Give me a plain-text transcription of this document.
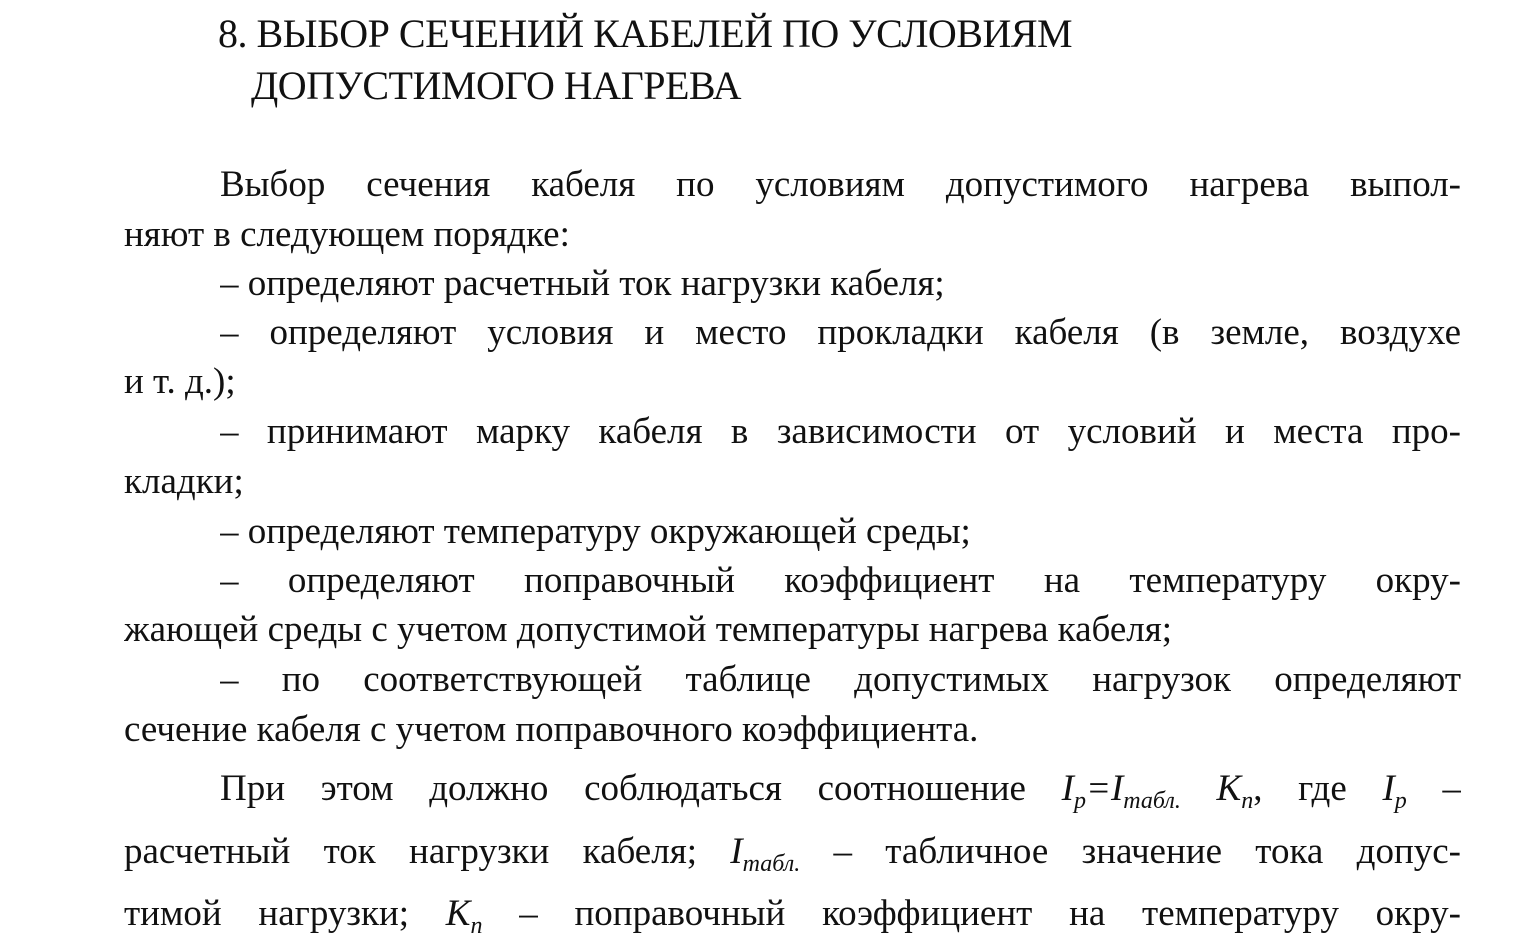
8. ВЫБОР СЕЧЕНИЙ КАБЕЛЕЙ ПО УСЛОВИЯМ
ДОПУСТИМОГО НАГРЕВА
Выбор сечения кабеля по условиям допустимого нагрева выпол-
няют в следующем порядке:
– определяют расчетный ток нагрузки кабеля;
– определяют условия и место прокладки кабеля (в земле, воздухе
и т. д.);
– принимают марку кабеля в зависимости от условий и места про-
кладки;
– определяют температуру окружающей среды;
– определяют поправочный коэффициент на температуру окру-
жающей среды с учетом допустимой температуры нагрева кабеля;
– по соответствующей таблице допустимых нагрузок определяют
сечение кабеля с учетом поправочного коэффициента.
При этом должно соблюдаться соотношение $I_p=I_{табл.}$ $K_n$, где $I_p$ –
расчетный ток нагрузки кабеля; $I_{табл.}$ – табличное значение тока допус-
тимой нагрузки; $K_n$ – поправочный коэффициент на температуру окру-
